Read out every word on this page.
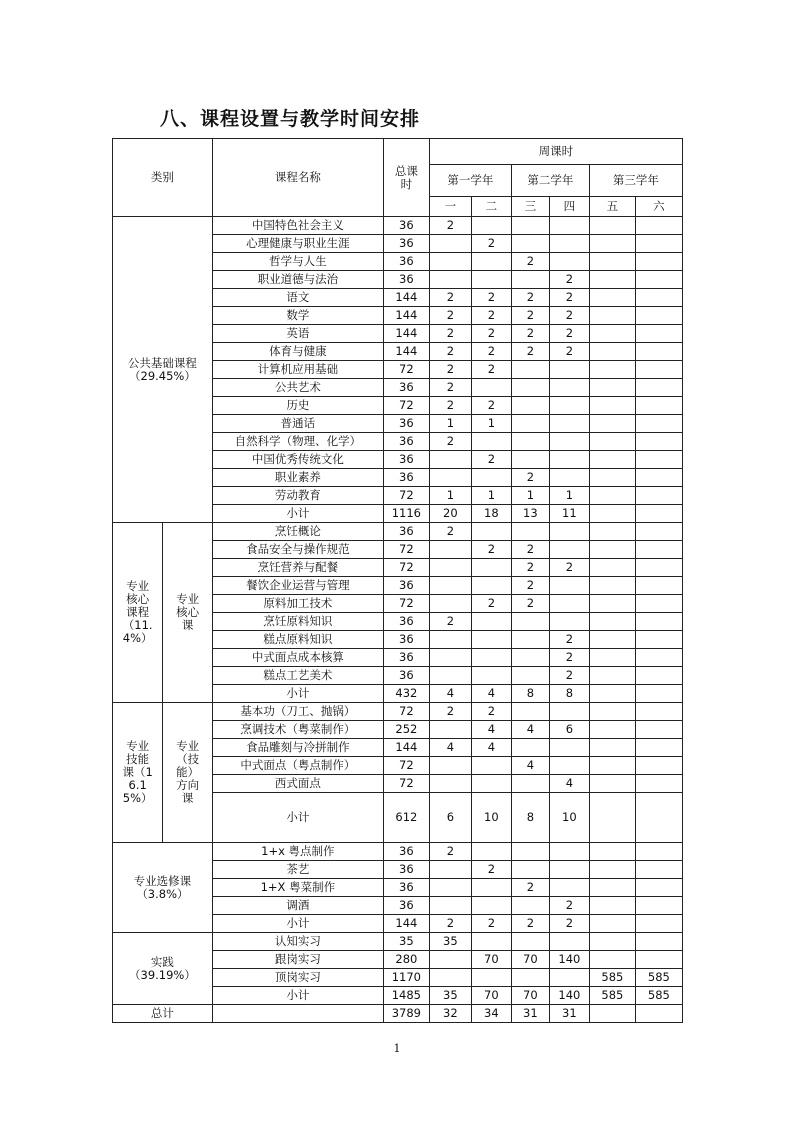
八、课程设置与教学时间安排
类别		课程名称	总课时	周课时					
				第一学年		第二学年		第三学年	
				一	二	三	四	五	六
公共基础课程（29.45%）		中国特色社会主义	36	2					
		心理健康与职业生涯	36		2				
		哲学与人生	36			2			
		职业道德与法治	36				2		
		语文	144	2	2	2	2		
		数学	144	2	2	2	2		
		英语	144	2	2	2	2		
		体育与健康	144	2	2	2	2		
		计算机应用基础	72	2	2				
		公共艺术	36	2					
		历史	72	2	2				
		普通话	36	1	1				
		自然科学（物理、化学）	36	2					
		中国优秀传统文化	36		2				
		职业素养	36			2			
		劳动教育	72	1	1	1	1		
		小计	1116	20	18	13	11		
专业核心课程（11.4%）	专业核心课	烹饪概论	36	2					
		食品安全与操作规范	72		2	2			
		烹饪营养与配餐	72			2	2		
		餐饮企业运营与管理	36			2			
		原料加工技术	72		2	2			
		烹饪原料知识	36	2					
		糕点原料知识	36				2		
		中式面点成本核算	36				2		
		糕点工艺美术	36				2		
		小计	432	4	4	8	8		
专业技能课（16.15%）	专业（技能）方向课	基本功（刀工、抛锅）	72	2	2				
		烹调技术（粤菜制作）	252		4	4	6		
		食品雕刻与冷拼制作	144	4	4				
		中式面点（粤点制作）	72			4			
		西式面点	72				4		
		小计	612	6	10	8	10		
专业选修课（3.8%）		1+x 粤点制作	36	2					
		茶艺	36		2				
		1+X 粤菜制作	36			2			
		调酒	36				2		
		小计	144	2	2	2	2		
实践（39.19%）		认知实习	35	35					
		跟岗实习	280		70	70	140		
		顶岗实习	1170					585	585
		小计	1485	35	70	70	140	585	585
总计			3789	32	34	31	31		
1
